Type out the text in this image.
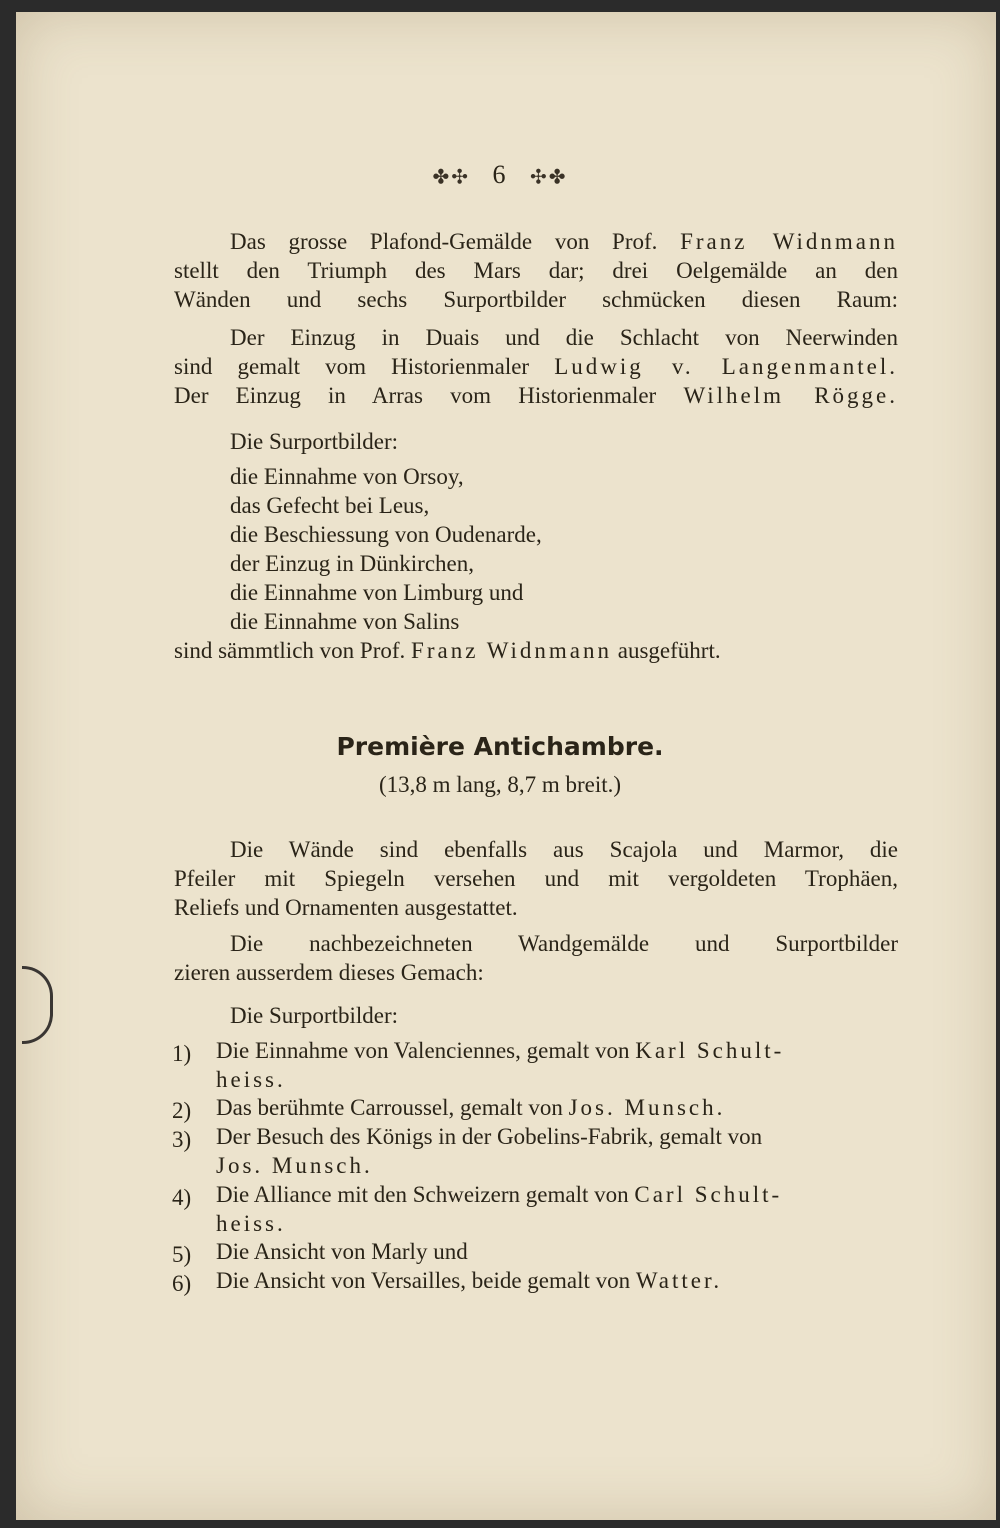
✤✣ 6 ✣✤
Das grosse Plafond-Gemälde von Prof. Franz Widnmann
stellt den Triumph des Mars dar; drei Oelgemälde an den
Wänden und sechs Surportbilder schmücken diesen Raum:
Der Einzug in Duais und die Schlacht von Neerwinden
sind gemalt vom Historienmaler Ludwig v. Langenmantel.
Der Einzug in Arras vom Historienmaler Wilhelm Rögge.
Die Surportbilder:
die Einnahme von Orsoy,
das Gefecht bei Leus,
die Beschiessung von Oudenarde,
der Einzug in Dünkirchen,
die Einnahme von Limburg und
die Einnahme von Salins
sind sämmtlich von Prof. Franz Widnmann ausgeführt.
Première Antichambre.
(13,8 m lang, 8,7 m breit.)
Die Wände sind ebenfalls aus Scajola und Marmor, die
Pfeiler mit Spiegeln versehen und mit vergoldeten Trophäen,
Reliefs und Ornamenten ausgestattet.
Die nachbezeichneten Wandgemälde und Surportbilder
zieren ausserdem dieses Gemach:
Die Surportbilder:
1) Die Einnahme von Valenciennes, gemalt von Karl Schult-
heiss.
2) Das berühmte Carroussel, gemalt von Jos. Munsch.
3) Der Besuch des Königs in der Gobelins-Fabrik, gemalt von
Jos. Munsch.
4) Die Alliance mit den Schweizern gemalt von Carl Schult-
heiss.
5) Die Ansicht von Marly und
6) Die Ansicht von Versailles, beide gemalt von Watter.
